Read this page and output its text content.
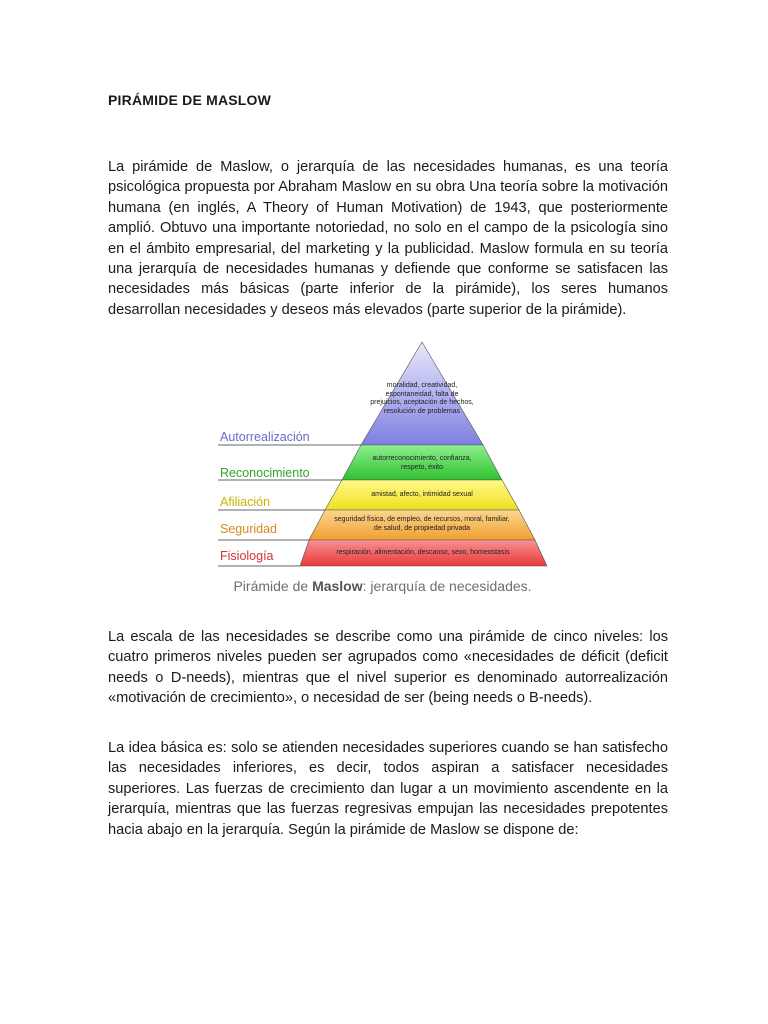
PIRÁMIDE DE MASLOW

La pirámide de Maslow, o jerarquía de las necesidades humanas, es una teoría psicológica propuesta por Abraham Maslow en su obra Una teoría sobre la motivación humana (en inglés, A Theory of Human Motivation) de 1943, que posteriormente amplió. Obtuvo una importante notoriedad, no solo en el campo de la psicología sino en el ámbito empresarial, del marketing y la publicidad. Maslow formula en su teoría una jerarquía de necesidades humanas y defiende que conforme se satisfacen las necesidades más básicas (parte inferior de la pirámide), los seres humanos desarrollan necesidades y deseos más elevados (parte superior de la pirámide).

Autorrealización
Reconocimiento
Afiliación
Seguridad
Fisiología
moralidad, creatividad, espontaneidad, falta de prejuicios, aceptación de hechos, resolución de problemas
autorreconocimiento, confianza, respeto, éxito
amistad, afecto, intimidad sexual
seguridad física, de empleo, de recursos, moral, familiar, de salud, de propiedad privada
respiración, alimentación, descanso, sexo, homeostasis

Pirámide de Maslow: jerarquía de necesidades.

La escala de las necesidades se describe como una pirámide de cinco niveles: los cuatro primeros niveles pueden ser agrupados como «necesidades de déficit (deficit needs o D-needs), mientras que el nivel superior es denominado autorrealización «motivación de crecimiento», o necesidad de ser (being needs o B-needs).

La idea básica es: solo se atienden necesidades superiores cuando se han satisfecho las necesidades inferiores, es decir, todos aspiran a satisfacer necesidades superiores. Las fuerzas de crecimiento dan lugar a un movimiento ascendente en la jerarquía, mientras que las fuerzas regresivas empujan las necesidades prepotentes hacia abajo en la jerarquía. Según la pirámide de Maslow se dispone de:
